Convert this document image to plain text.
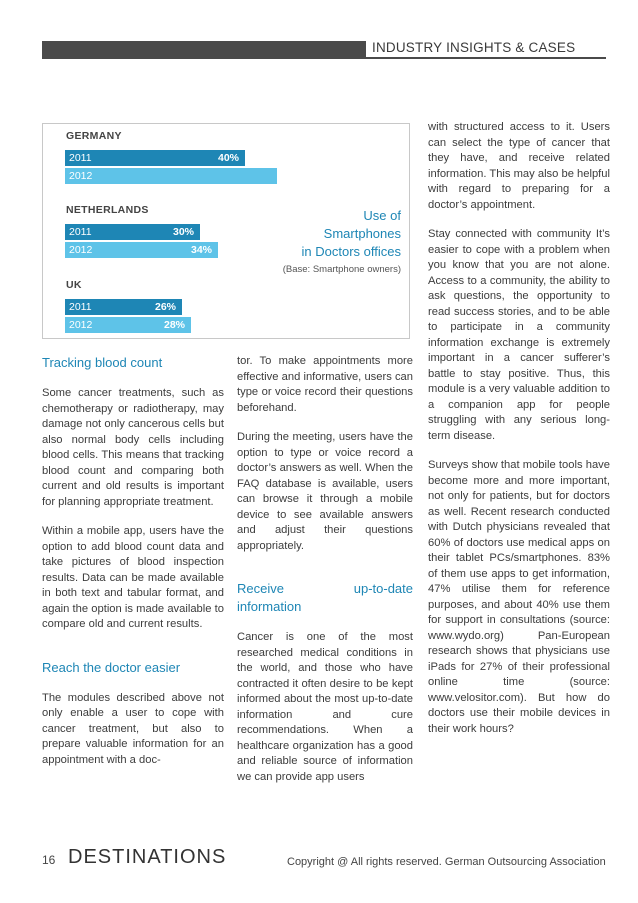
INDUSTRY INSIGHTS & CASES
Use of
Smartphones
in Doctors offices
(Base: Smartphone owners)
GERMANY
2011	40%
2012
NETHERLANDS
2011	30%
2012	34%
UK
2011	26%
2012	28%
Tracking blood count

Some cancer treatments, such as chemotherapy or radiotherapy, may damage not only cancerous cells but also normal body cells including blood cells. This means that tracking blood count and comparing both current and old results is important for planning appropriate treatment.

Within a mobile app, users have the option to add blood count data and take pictures of blood inspection results. Data can be made available in both text and tabular format, and again the option is made available to compare old and current results.

Reach the doctor easier

The modules described above not only enable a user to cope with cancer treatment, but also to prepare valuable information for an appointment with a doc-

tor. To make appointments more effective and informative, users can type or voice record their questions beforehand.

During the meeting, users have the option to type or voice record a doctor’s answers as well. When the FAQ database is available, users can browse it through a mobile device to see available answers and adjust their questions appropriately.

Receive up-to-date information

Cancer is one of the most researched medical conditions in the world, and those who have contracted it often desire to be kept informed about the most up-to-date information and cure recommendations. When a healthcare organization has a good and reliable source of information we can provide app users

with structured access to it. Users can select the type of cancer that they have, and receive related information. This may also be helpful with regard to preparing for a doctor’s appointment.

Stay connected with community It’s easier to cope with a problem when you know that you are not alone. Access to a community, the ability to ask questions, the opportunity to read success stories, and to be able to participate in a community information exchange is extremely important in a cancer sufferer’s battle to stay positive. Thus, this module is a very valuable addition to a companion app for people struggling with any serious long-term disease.

Surveys show that mobile tools have become more and more important, not only for patients, but for doctors as well. Recent research conducted with Dutch physicians revealed that 60% of doctors use medical apps on their tablet PCs/smartphones. 83% of them use apps to get information, 47% utilise them for reference purposes, and about 40% use them for support in consultations (source: www.wydo.org) Pan-European research shows that physicians use iPads for 27% of their professional online time (source: www.velositor.com). But how do doctors use their mobile devices in their work hours?

16 DESTINATIONS	Copyright @ All rights reserved. German Outsourcing Association
